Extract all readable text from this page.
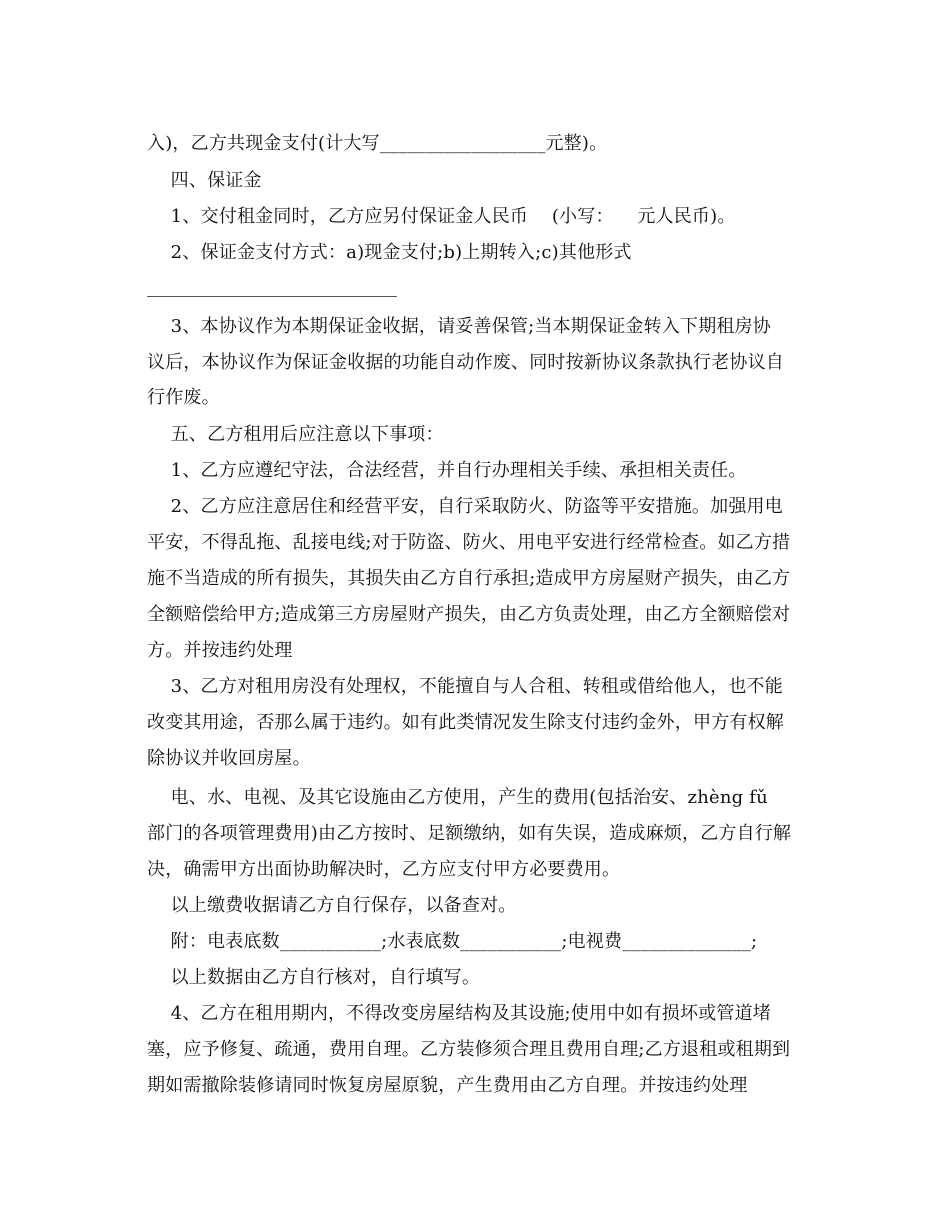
入)，乙方共现金支付(计大写__________________元整)。
四、保证金
1、交付租金同时，乙方应另付保证金人民币    (小写：    元人民币)。
2、保证金支付方式：a)现金支付;b)上期转入;c)其他形式
3、本协议作为本期保证金收据，请妥善保管;当本期保证金转入下期租房协
议后，本协议作为保证金收据的功能自动作废、同时按新协议条款执行老协议自
行作废。
五、乙方租用后应注意以下事项：
1、乙方应遵纪守法，合法经营，并自行办理相关手续、承担相关责任。
2、乙方应注意居住和经营平安，自行采取防火、防盗等平安措施。加强用电
平安，不得乱拖、乱接电线;对于防盗、防火、用电平安进行经常检查。如乙方措
施不当造成的所有损失，其损失由乙方自行承担;造成甲方房屋财产损失，由乙方
全额赔偿给甲方;造成第三方房屋财产损失，由乙方负责处理，由乙方全额赔偿对
方。并按违约处理
3、乙方对租用房没有处理权，不能擅自与人合租、转租或借给他人，也不能
改变其用途，否那么属于违约。如有此类情况发生除支付违约金外，甲方有权解
除协议并收回房屋。
电、水、电视、及其它设施由乙方使用，产生的费用(包括治安、zhèng fǔ
部门的各项管理费用)由乙方按时、足额缴纳，如有失误，造成麻烦，乙方自行解
决，确需甲方出面协助解决时，乙方应支付甲方必要费用。
以上缴费收据请乙方自行保存，以备查对。
附：电表底数___________;水表底数___________;电视费______________;
以上数据由乙方自行核对，自行填写。
4、乙方在租用期内，不得改变房屋结构及其设施;使用中如有损坏或管道堵
塞，应予修复、疏通，费用自理。乙方装修须合理且费用自理;乙方退租或租期到
期如需撤除装修请同时恢复房屋原貌，产生费用由乙方自理。并按违约处理
